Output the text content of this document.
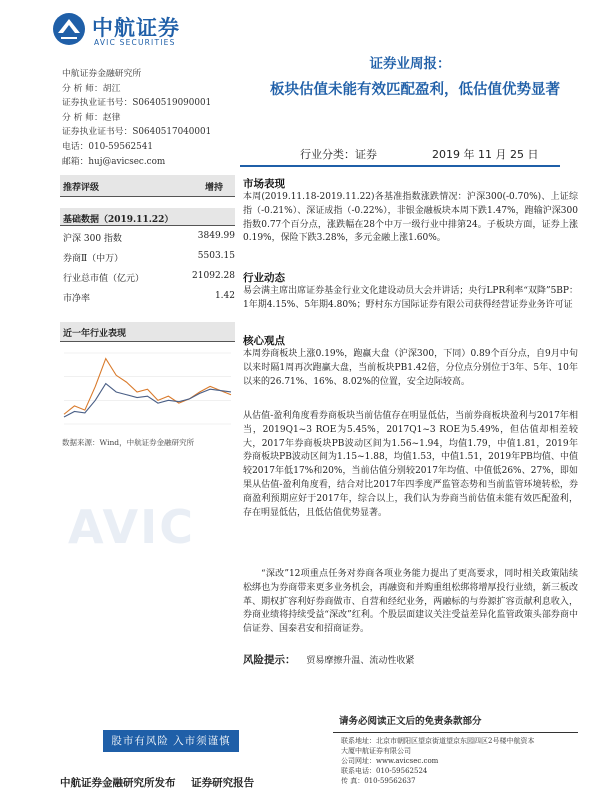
中航证券
AVIC SECURITIES
中航证券金融研究所
分 析 师：胡江
证券执业证书号：S0640519090001
分 析 师：赵律
证券执业证书号：S0640517040001
电话：010-59562541
邮箱：huj@avicsec.com
证券业周报：
板块估值未能有效匹配盈利，低估值优势显著
行业分类：证券	2019 年 11 月 25 日
AVIC
推荐评级	增持
基础数据（2019.11.22）
沪深 300 指数	3849.99
券商Ⅱ（中万）	5503.15
行业总市值（亿元）	21092.28
市净率	1.42
近一年行业表现
数据来源：Wind，中航证券金融研究所
市场表现
本周(2019.11.18-2019.11.22)各基准指数涨跌情况：沪深300(-0.70%)、上证综指（-0.21%）、深证成指（-0.22%），非银金融板块本周下跌1.47%，跑输沪深300指数0.77个百分点，涨跌幅在28个中万一级行业中排第24。子板块方面，证券上涨0.19%，保险下跌3.28%，多元金融上涨1.60%。
行业动态
易会满主席出席证券基金行业文化建设动员大会并讲话；央行LPR利率“双降”5BP：1年期4.15%、5年期4.80%；野村东方国际证券有限公司获得经营证券业务许可证
核心观点
本周券商板块上涨0.19%，跑赢大盘（沪深300，下同）0.89个百分点，自9月中旬以来时隔1周再次跑赢大盘，当前板块PB1.42倍，分位点分别位于3年、5年、10年以来的26.71%、16%、8.02%的位置，安全边际较高。
从估值-盈利角度看券商板块当前估值存在明显低估，当前券商板块盈利与2017年相当，2019Q1~3 ROE为5.45%，2017Q1~3 ROE为5.49%，但估值却相差较大，2017年券商板块PB波动区间为1.56~1.94，均值1.79，中值1.81，2019年券商板块PB波动区间为1.15~1.88，均值1.53，中值1.51，2019年PB均值、中值较2017年低17%和20%，当前估值分别较2017年均值、中值低26%、27%，即如果从估值-盈利角度看，结合对比2017年四季度严监管态势和当前监管环境转松，券商盈利预期应好于2017年，综合以上，我们认为券商当前估值未能有效匹配盈利，存在明显低估，且低估值优势显著。
“深改”12项重点任务对券商各项业务能力提出了更高要求，同时相关政策陆续松绑也为券商带来更多业务机会，再融资和并购重组松绑将增厚投行业绩，新三板改革、期权扩容利好券商做市、自营和经纪业务，两融标的与券源扩容贡献利息收入，券商业绩将持续受益“深改”红利。个股层面建议关注受益差异化监管政策头部券商中信证券、国泰君安和招商证券。
风险提示： 贸易摩擦升温、流动性收紧
股市有风险 入市须谨慎
中航证券金融研究所发布 证券研究报告
请务必阅读正文后的免责条款部分
联系地址：北京市朝阳区望京街道望京东园四区2号楼中航资本
大厦中航证券有限公司
公司网址：www.avicsec.com
联系电话：010-59562524
传 真：010-59562637
